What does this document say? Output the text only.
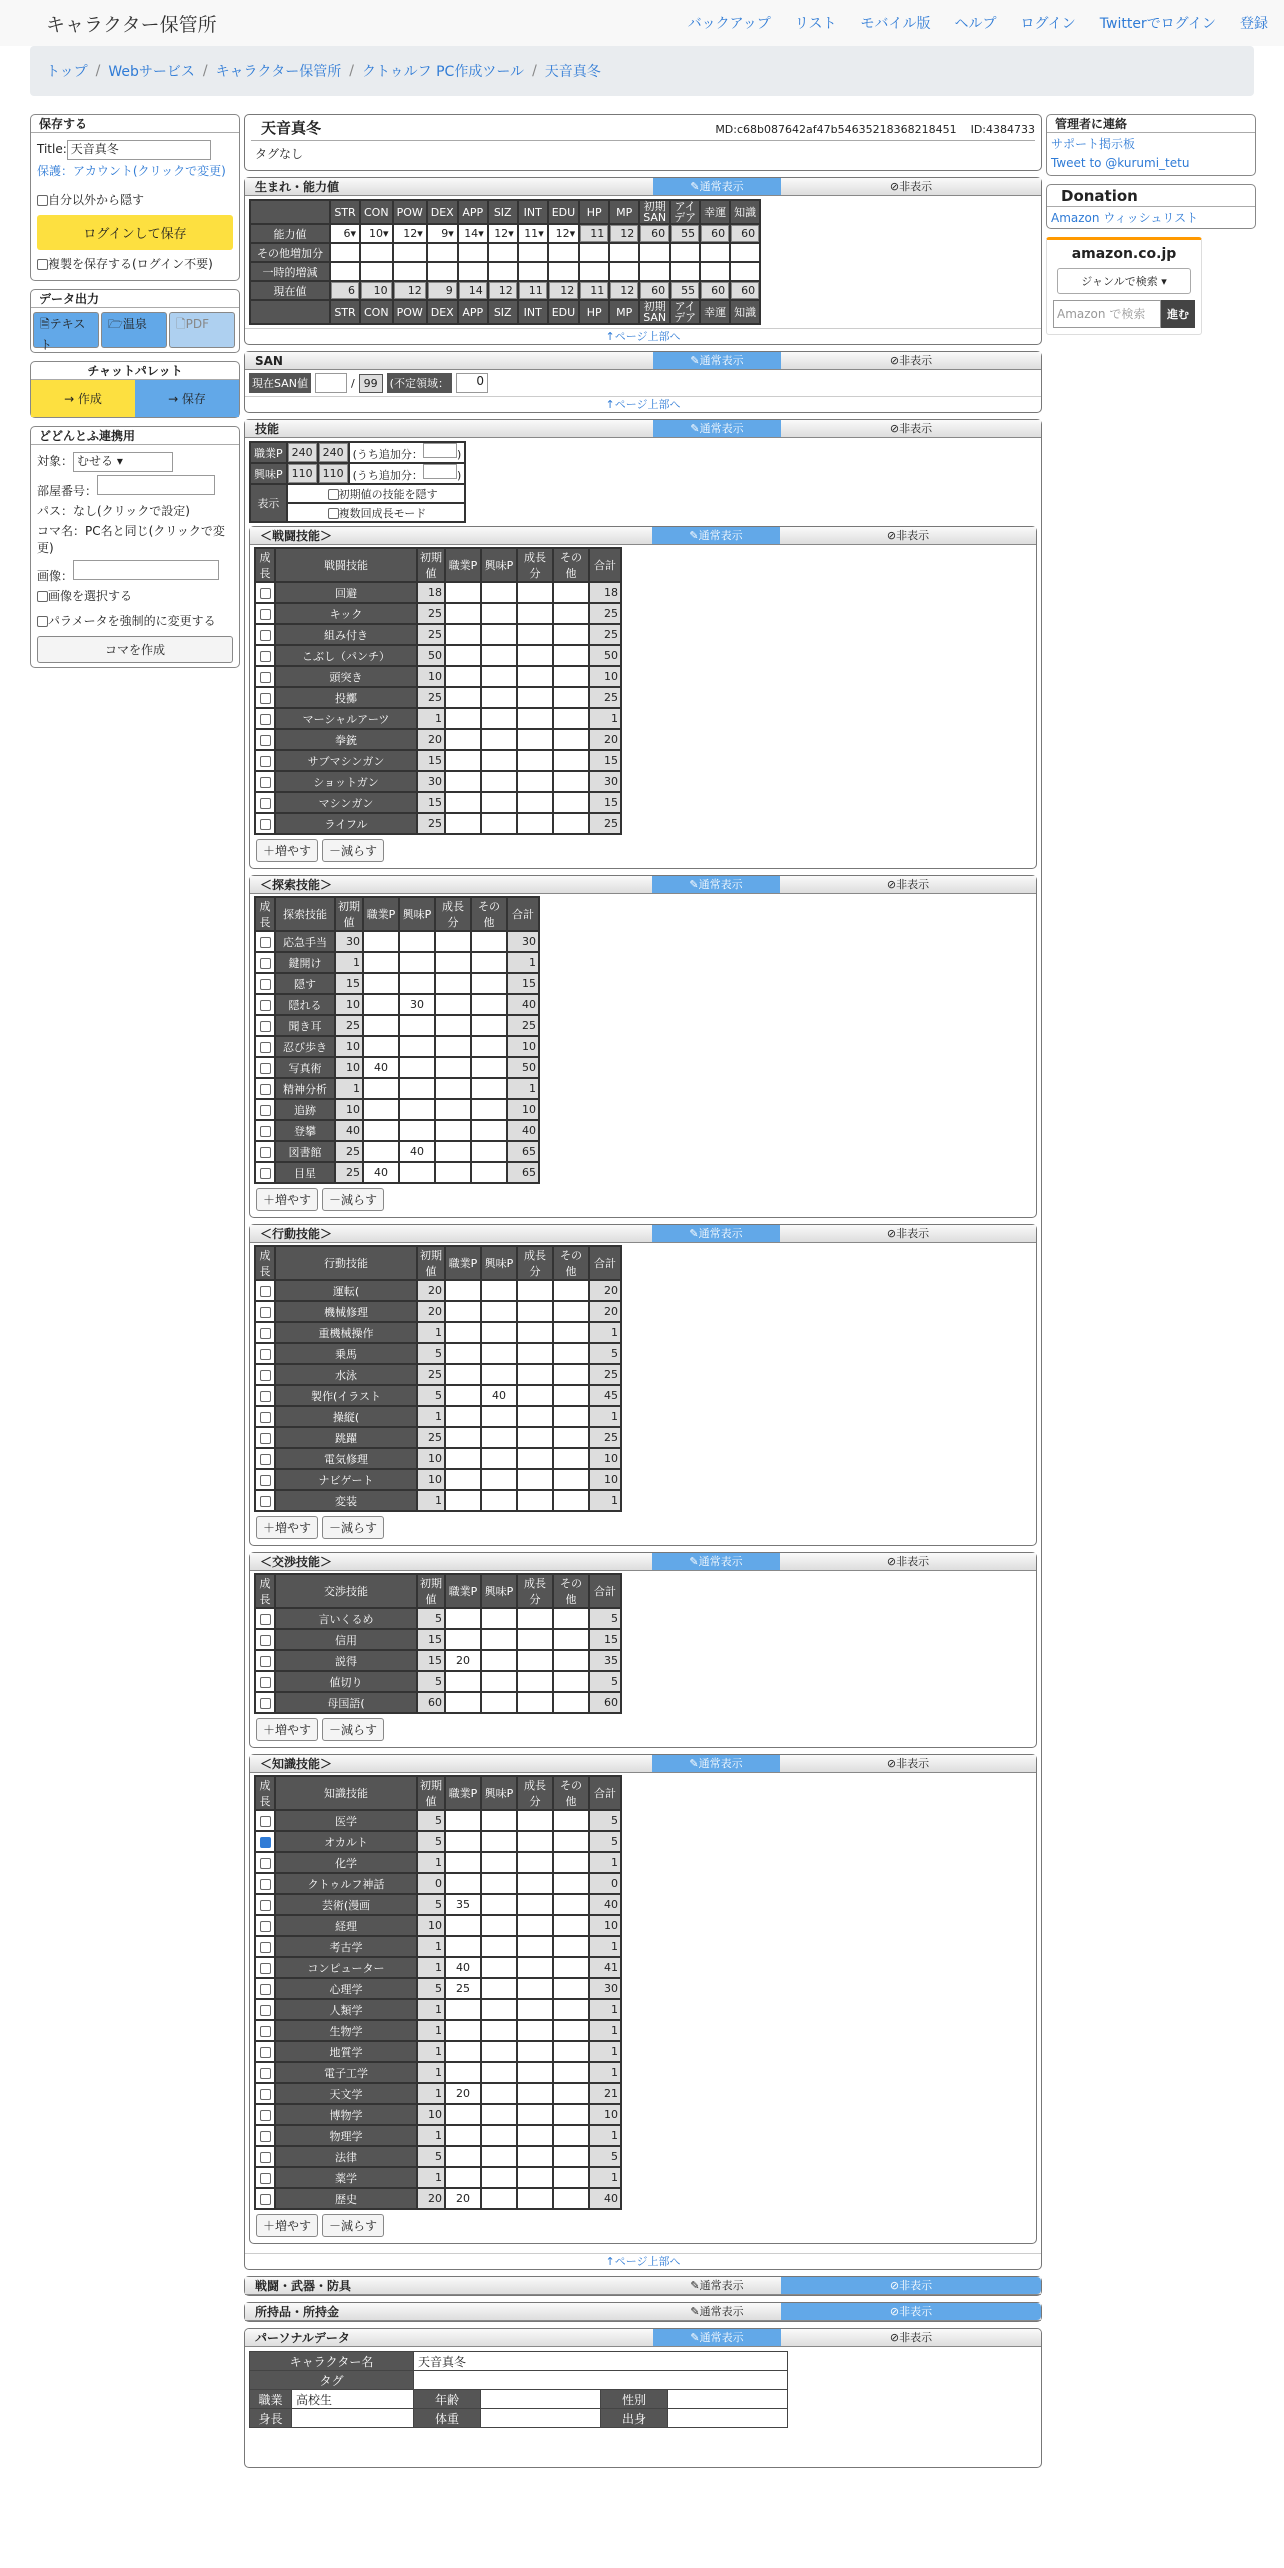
キャラクター保管所	バックアップ リスト モバイル版 ヘルプ ログイン Twitterでログイン 登録
トップ / Webサービス / キャラクター保管所 / クトゥルフ PC作成ツール / 天音真冬
保存する
Title: 天音真冬
保護：アカウント(クリックで変更)
自分以外から隠す
ログインして保存
複製を保存する(ログイン不要)
データ出力
🗎テキスト
🗁温泉	🗋PDF
チャットパレット
→ 作成	→ 保存
どどんとふ連携用
対象： むせる ▾
部屋番号：
パス：なし(クリックで設定)
コマ名：PC名と同じ(クリックで変更)
画像：
画像を選択する
パラメータを強制的に変更する
コマを作成
天音真冬	MD:c68b087642af47b54635218368218451 ID:4384733
タグなし
生まれ・能力値	✎通常表示	⊘非表示
	STR	CON	POW	DEX	APP	SIZ	INT	EDU	HP	MP	初期SAN	アイデア	幸運	知識
能力値	6▾	10▾	12▾	9▾	14▾	12▾	11▾	12▾	11	12	60	55	60	60
その他増加分														
一時的増減														
現在値	6	10	12	9	14	12	11	12	11	12	60	55	60	60
	STR	CON	POW	DEX	APP	SIZ	INT	EDU	HP	MP	初期SAN	アイデア	幸運	知識
↑ページ上部へ
SAN	✎通常表示	⊘非表示
現在SAN値	/ 99	(不定領域：	0
↑ページ上部へ
技能	✎通常表示	⊘非表示
職業P	240	240	(うち追加分： )
興味P	110	110	(うち追加分： )
表示	初期値の技能を隠す		
	複数回成長モード		
＜戦闘技能＞	✎通常表示	⊘非表示
成長	戦闘技能	初期値	職業P	興味P	成長分	その他	合計
	回避	18					18
	キック	25					25
	組み付き	25					25
	こぶし（パンチ）	50					50
	頭突き	10					10
	投擲	25					25
	マーシャルアーツ	1					1
	拳銃	20					20
	サブマシンガン	15					15
	ショットガン	30					30
	マシンガン	15					15
	ライフル	25					25
＋増やす －減らす
＜探索技能＞	✎通常表示	⊘非表示
成長	探索技能	初期値	職業P	興味P	成長分	その他	合計
	応急手当	30					30
	鍵開け	1					1
	隠す	15					15
	隠れる	10		30			40
	聞き耳	25					25
	忍び歩き	10					10
	写真術	10	40				50
	精神分析	1					1
	追跡	10					10
	登攀	40					40
	図書館	25		40			65
	目星	25	40				65
＋増やす －減らす
＜行動技能＞	✎通常表示	⊘非表示
成長	行動技能	初期値	職業P	興味P	成長分	その他	合計
	運転(	20					20
	機械修理	20					20
	重機械操作	1					1
	乗馬	5					5
	水泳	25					25
	製作(イラスト	5		40			45
	操縦(	1					1
	跳躍	25					25
	電気修理	10					10
	ナビゲート	10					10
	変装	1					1
＋増やす －減らす
＜交渉技能＞	✎通常表示	⊘非表示
成長	交渉技能	初期値	職業P	興味P	成長分	その他	合計
	言いくるめ	5					5
	信用	15					15
	説得	15	20				35
	値切り	5					5
	母国語(	60					60
＋増やす －減らす
＜知識技能＞	✎通常表示	⊘非表示
成長	知識技能	初期値	職業P	興味P	成長分	その他	合計
	医学	5					5
	オカルト	5					5
	化学	1					1
	クトゥルフ神話	0					0
	芸術(漫画	5	35				40
	経理	10					10
	考古学	1					1
	コンピューター	1	40				41
	心理学	5	25				30
	人類学	1					1
	生物学	1					1
	地質学	1					1
	電子工学	1					1
	天文学	1	20				21
	博物学	10					10
	物理学	1					1
	法律	5					5
	薬学	1					1
	歴史	20	20				40
＋増やす －減らす
↑ページ上部へ
戦闘・武器・防具	✎通常表示	⊘非表示
所持品・所持金	✎通常表示	⊘非表示
パーソナルデータ	✎通常表示	⊘非表示
キャラクター名		天音真冬			
タグ					
職業	高校生	年齢		性別	
身長		体重		出身	
管理者に連絡
サポート掲示板
Tweet to @kurumi_tetu
Donation
Amazon ウィッシュリスト
amazon.co.jp
ジャンルで検索 ▾
Amazon で検索	進む
